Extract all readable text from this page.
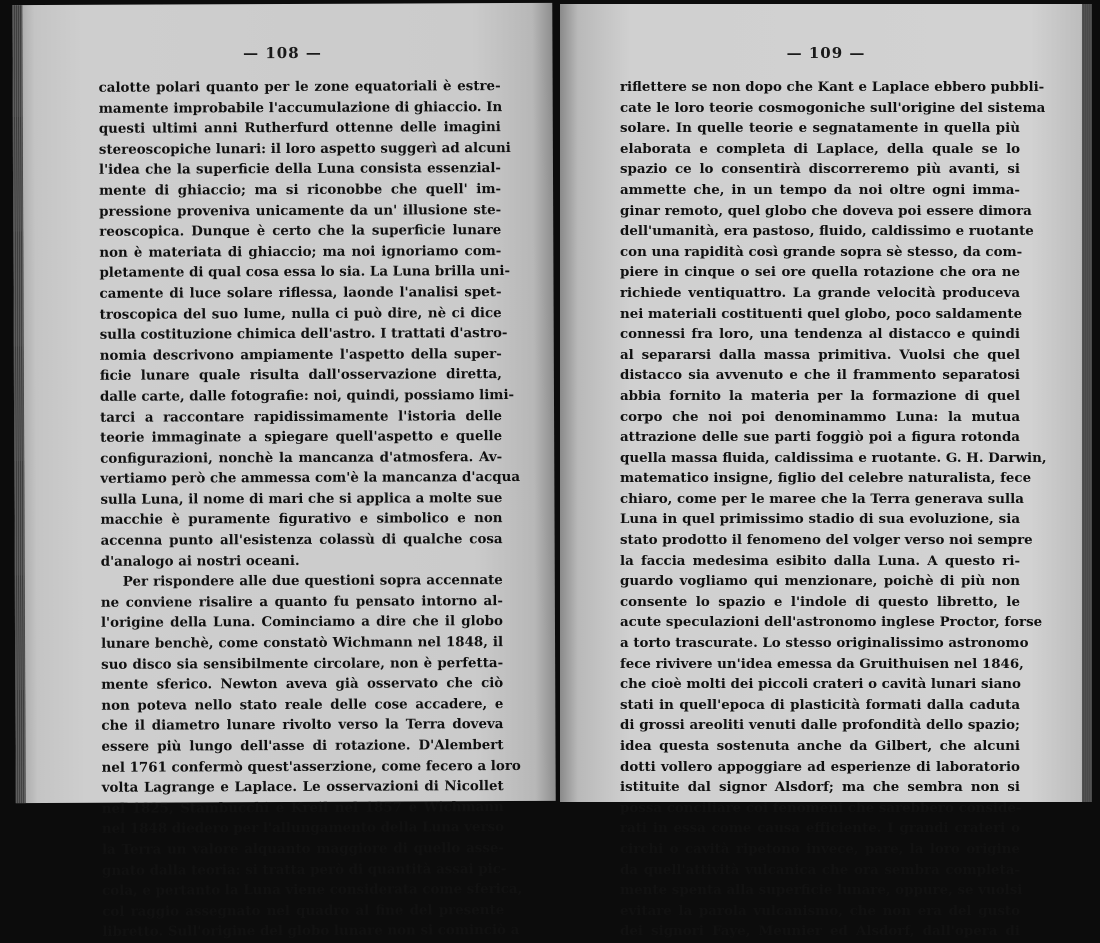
— 108 —
calotte polari quanto per le zone equatoriali è estre-
mamente improbabile l'accumulazione di ghiaccio. In
questi ultimi anni Rutherfurd ottenne delle imagini
stereoscopiche lunari: il loro aspetto suggerì ad alcuni
l'idea che la superficie della Luna consista essenzial-
mente di ghiaccio; ma si riconobbe che quell' im-
pressione proveniva unicamente da un' illusione ste-
reoscopica. Dunque è certo che la superficie lunare
non è materiata di ghiaccio; ma noi ignoriamo com-
pletamente di qual cosa essa lo sia. La Luna brilla uni-
camente di luce solare riflessa, laonde l'analisi spet-
troscopica del suo lume, nulla ci può dire, nè ci dice
sulla costituzione chimica dell'astro. I trattati d'astro-
nomia descrivono ampiamente l'aspetto della super-
ficie lunare quale risulta dall'osservazione diretta,
dalle carte, dalle fotografie: noi, quindi, possiamo limi-
tarci a raccontare rapidissimamente l'istoria delle
teorie immaginate a spiegare quell'aspetto e quelle
configurazioni, nonchè la mancanza d'atmosfera. Av-
vertiamo però che ammessa com'è la mancanza d'acqua
sulla Luna, il nome di mari che si applica a molte sue
macchie è puramente figurativo e simbolico e non
accenna punto all'esistenza colassù di qualche cosa
d'analogo ai nostri oceani.
Per rispondere alle due questioni sopra accennate
ne conviene risalire a quanto fu pensato intorno al-
l'origine della Luna. Cominciamo a dire che il globo
lunare benchè, come constatò Wichmann nel 1848, il
suo disco sia sensibilmente circolare, non è perfetta-
mente sferico. Newton aveva già osservato che ciò
non poteva nello stato reale delle cose accadere, e
che il diametro lunare rivolto verso la Terra doveva
essere più lungo dell'asse di rotazione. D'Alembert
nel 1761 confermò quest'asserzione, come fecero a loro
volta Lagrange e Laplace. Le osservazioni di Nicollet
nel 1825, Stambucchi e Kreil nel 1857 e Wichmann
nel 1848 diedero per l'allungamento della Luna verso
la Terra un valore alquanto maggiore di quello asse-
gnato dalla teoria: si tratta però di quantità assai pic-
cola, e pertanto la Luna viene considerata come sferica,
col raggio assegnato nel quadro al fine del presente
libretto. Sull'origine del globo lunare non si cominciò a
— 109 —
riflettere se non dopo che Kant e Laplace ebbero pubbli-
cate le loro teorie cosmogoniche sull'origine del sistema
solare. In quelle teorie e segnatamente in quella più
elaborata e completa di Laplace, della quale se lo
spazio ce lo consentirà discorreremo più avanti, si
ammette che, in un tempo da noi oltre ogni imma-
ginar remoto, quel globo che doveva poi essere dimora
dell'umanità, era pastoso, fluido, caldissimo e ruotante
con una rapidità così grande sopra sè stesso, da com-
piere in cinque o sei ore quella rotazione che ora ne
richiede ventiquattro. La grande velocità produceva
nei materiali costituenti quel globo, poco saldamente
connessi fra loro, una tendenza al distacco e quindi
al separarsi dalla massa primitiva. Vuolsi che quel
distacco sia avvenuto e che il frammento separatosi
abbia fornito la materia per la formazione di quel
corpo che noi poi denominammo Luna: la mutua
attrazione delle sue parti foggiò poi a figura rotonda
quella massa fluida, caldissima e ruotante. G. H. Darwin,
matematico insigne, figlio del celebre naturalista, fece
chiaro, come per le maree che la Terra generava sulla
Luna in quel primissimo stadio di sua evoluzione, sia
stato prodotto il fenomeno del volger verso noi sempre
la faccia medesima esibito dalla Luna. A questo ri-
guardo vogliamo qui menzionare, poichè di più non
consente lo spazio e l'indole di questo libretto, le
acute speculazioni dell'astronomo inglese Proctor, forse
a torto trascurate. Lo stesso originalissimo astronomo
fece rivivere un'idea emessa da Gruithuisen nel 1846,
che cioè molti dei piccoli crateri o cavità lunari siano
stati in quell'epoca di plasticità formati dalla caduta
di grossi areoliti venuti dalle profondità dello spazio;
idea questa sostenuta anche da Gilbert, che alcuni
dotti vollero appoggiare ad esperienze di laboratorio
istituite dal signor Alsdorf; ma che sembra non si
possa conciliare coi fenomeni che sarebbero conside-
rati in essa come causa efficiente. I grandi crateri o
circhi o cavità ripetono invece, pare, la loro origine
da quell'attività vulcanica che ora sembra completa-
mente spenta alla superficie lunare, oppure, se vuolsi
evitare la parola vulcanismo, che non era del gusto
dei signori Faye, Meunier ed Alsdorf, dall'opera di
